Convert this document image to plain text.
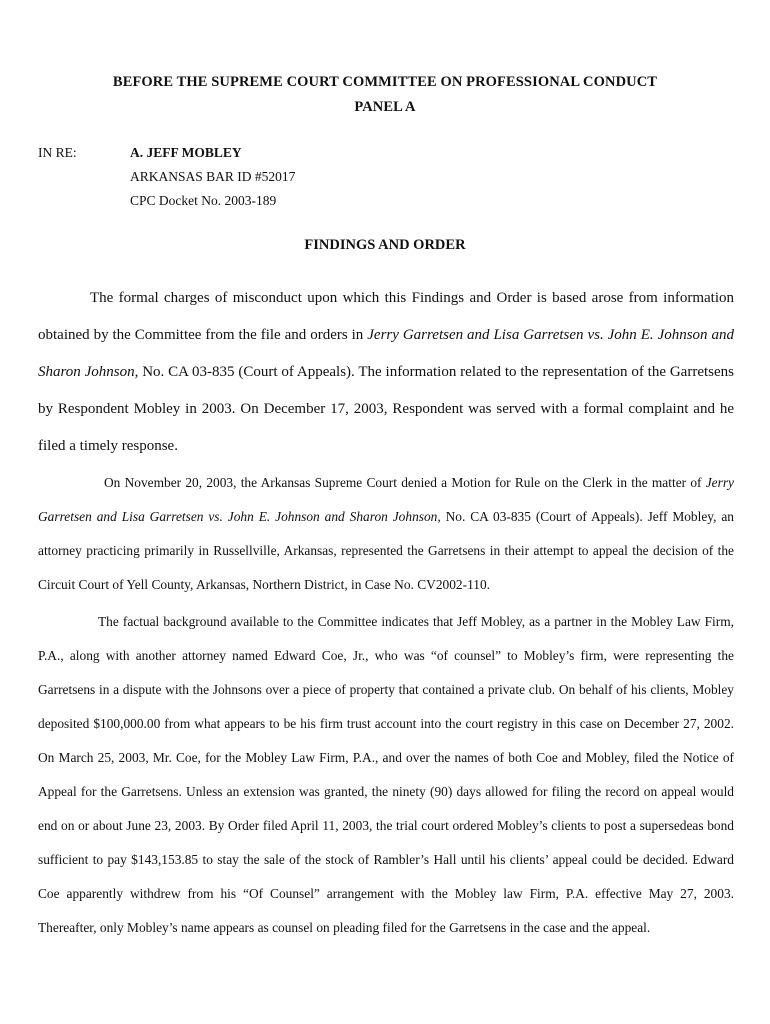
BEFORE THE SUPREME COURT COMMITTEE ON PROFESSIONAL CONDUCT
PANEL A
IN RE:	A. JEFF MOBLEY
ARKANSAS BAR ID #52017
CPC Docket No. 2003-189
FINDINGS AND ORDER

The formal charges of misconduct upon which this Findings and Order is based arose from information obtained by the Committee from the file and orders in Jerry Garretsen and Lisa Garretsen vs. John E. Johnson and Sharon Johnson, No. CA 03-835 (Court of Appeals). The information related to the representation of the Garretsens by Respondent Mobley in 2003. On December 17, 2003, Respondent was served with a formal complaint and he filed a timely response.

On November 20, 2003, the Arkansas Supreme Court denied a Motion for Rule on the Clerk in the matter of Jerry Garretsen and Lisa Garretsen vs. John E. Johnson and Sharon Johnson, No. CA 03-835 (Court of Appeals). Jeff Mobley, an attorney practicing primarily in Russellville, Arkansas, represented the Garretsens in their attempt to appeal the decision of the Circuit Court of Yell County, Arkansas, Northern District, in Case No. CV2002-110.

The factual background available to the Committee indicates that Jeff Mobley, as a partner in the Mobley Law Firm, P.A., along with another attorney named Edward Coe, Jr., who was “of counsel” to Mobley’s firm, were representing the Garretsens in a dispute with the Johnsons over a piece of property that contained a private club. On behalf of his clients, Mobley deposited $100,000.00 from what appears to be his firm trust account into the court registry in this case on December 27, 2002. On March 25, 2003, Mr. Coe, for the Mobley Law Firm, P.A., and over the names of both Coe and Mobley, filed the Notice of Appeal for the Garretsens. Unless an extension was granted, the ninety (90) days allowed for filing the record on appeal would end on or about June 23, 2003. By Order filed April 11, 2003, the trial court ordered Mobley’s clients to post a supersedeas bond sufficient to pay $143,153.85 to stay the sale of the stock of Rambler’s Hall until his clients’ appeal could be decided. Edward Coe apparently withdrew from his “Of Counsel” arrangement with the Mobley law Firm, P.A. effective May 27, 2003. Thereafter, only Mobley’s name appears as counsel on pleading filed for the Garretsens in the case and the appeal.
